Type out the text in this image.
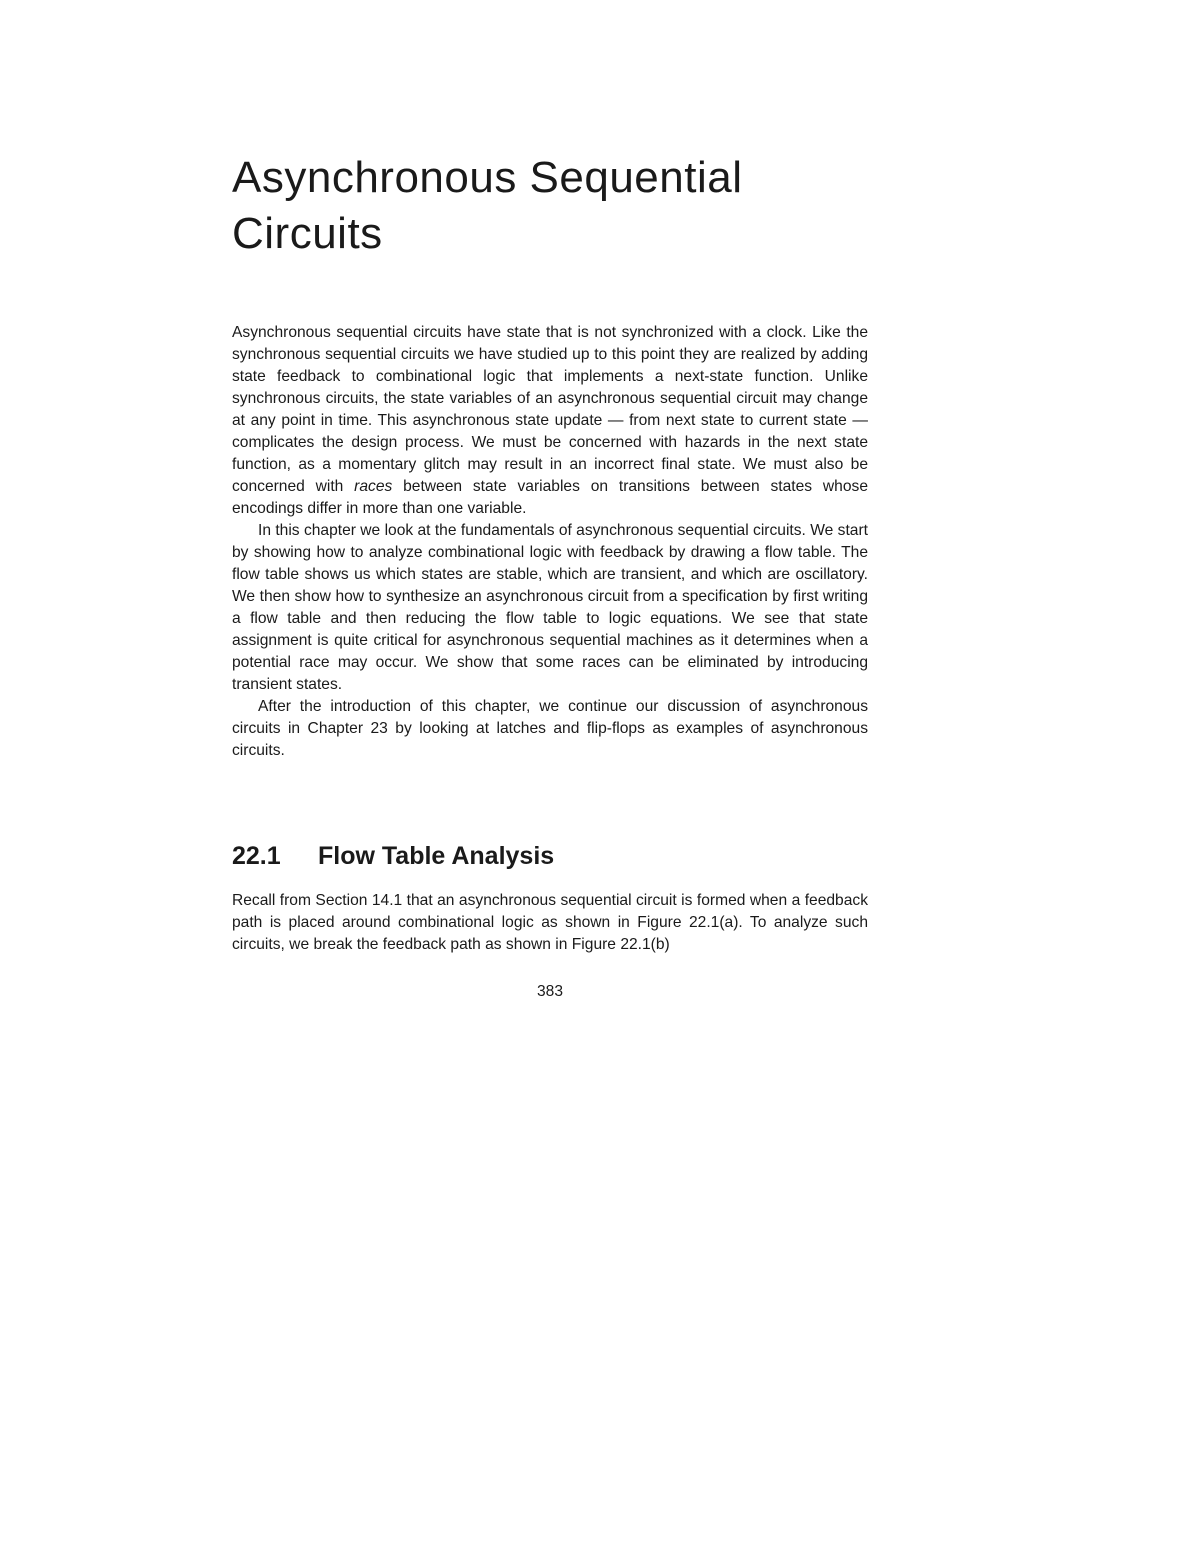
Asynchronous Sequential Circuits

Asynchronous sequential circuits have state that is not synchronized with a clock. Like the synchronous sequential circuits we have studied up to this point they are realized by adding state feedback to combinational logic that implements a next-state function. Unlike synchronous circuits, the state variables of an asynchronous sequential circuit may change at any point in time. This asynchronous state update — from next state to current state — complicates the design process. We must be concerned with hazards in the next state function, as a momentary glitch may result in an incorrect final state. We must also be concerned with races between state variables on transitions between states whose encodings differ in more than one variable.

In this chapter we look at the fundamentals of asynchronous sequential circuits. We start by showing how to analyze combinational logic with feedback by drawing a flow table. The flow table shows us which states are stable, which are transient, and which are oscillatory. We then show how to synthesize an asynchronous circuit from a specification by first writing a flow table and then reducing the flow table to logic equations. We see that state assignment is quite critical for asynchronous sequential machines as it determines when a potential race may occur. We show that some races can be eliminated by introducing transient states.

After the introduction of this chapter, we continue our discussion of asynchronous circuits in Chapter 23 by looking at latches and flip-flops as examples of asynchronous circuits.

22.1 Flow Table Analysis

Recall from Section 14.1 that an asynchronous sequential circuit is formed when a feedback path is placed around combinational logic as shown in Figure 22.1(a). To analyze such circuits, we break the feedback path as shown in Figure 22.1(b)

383
